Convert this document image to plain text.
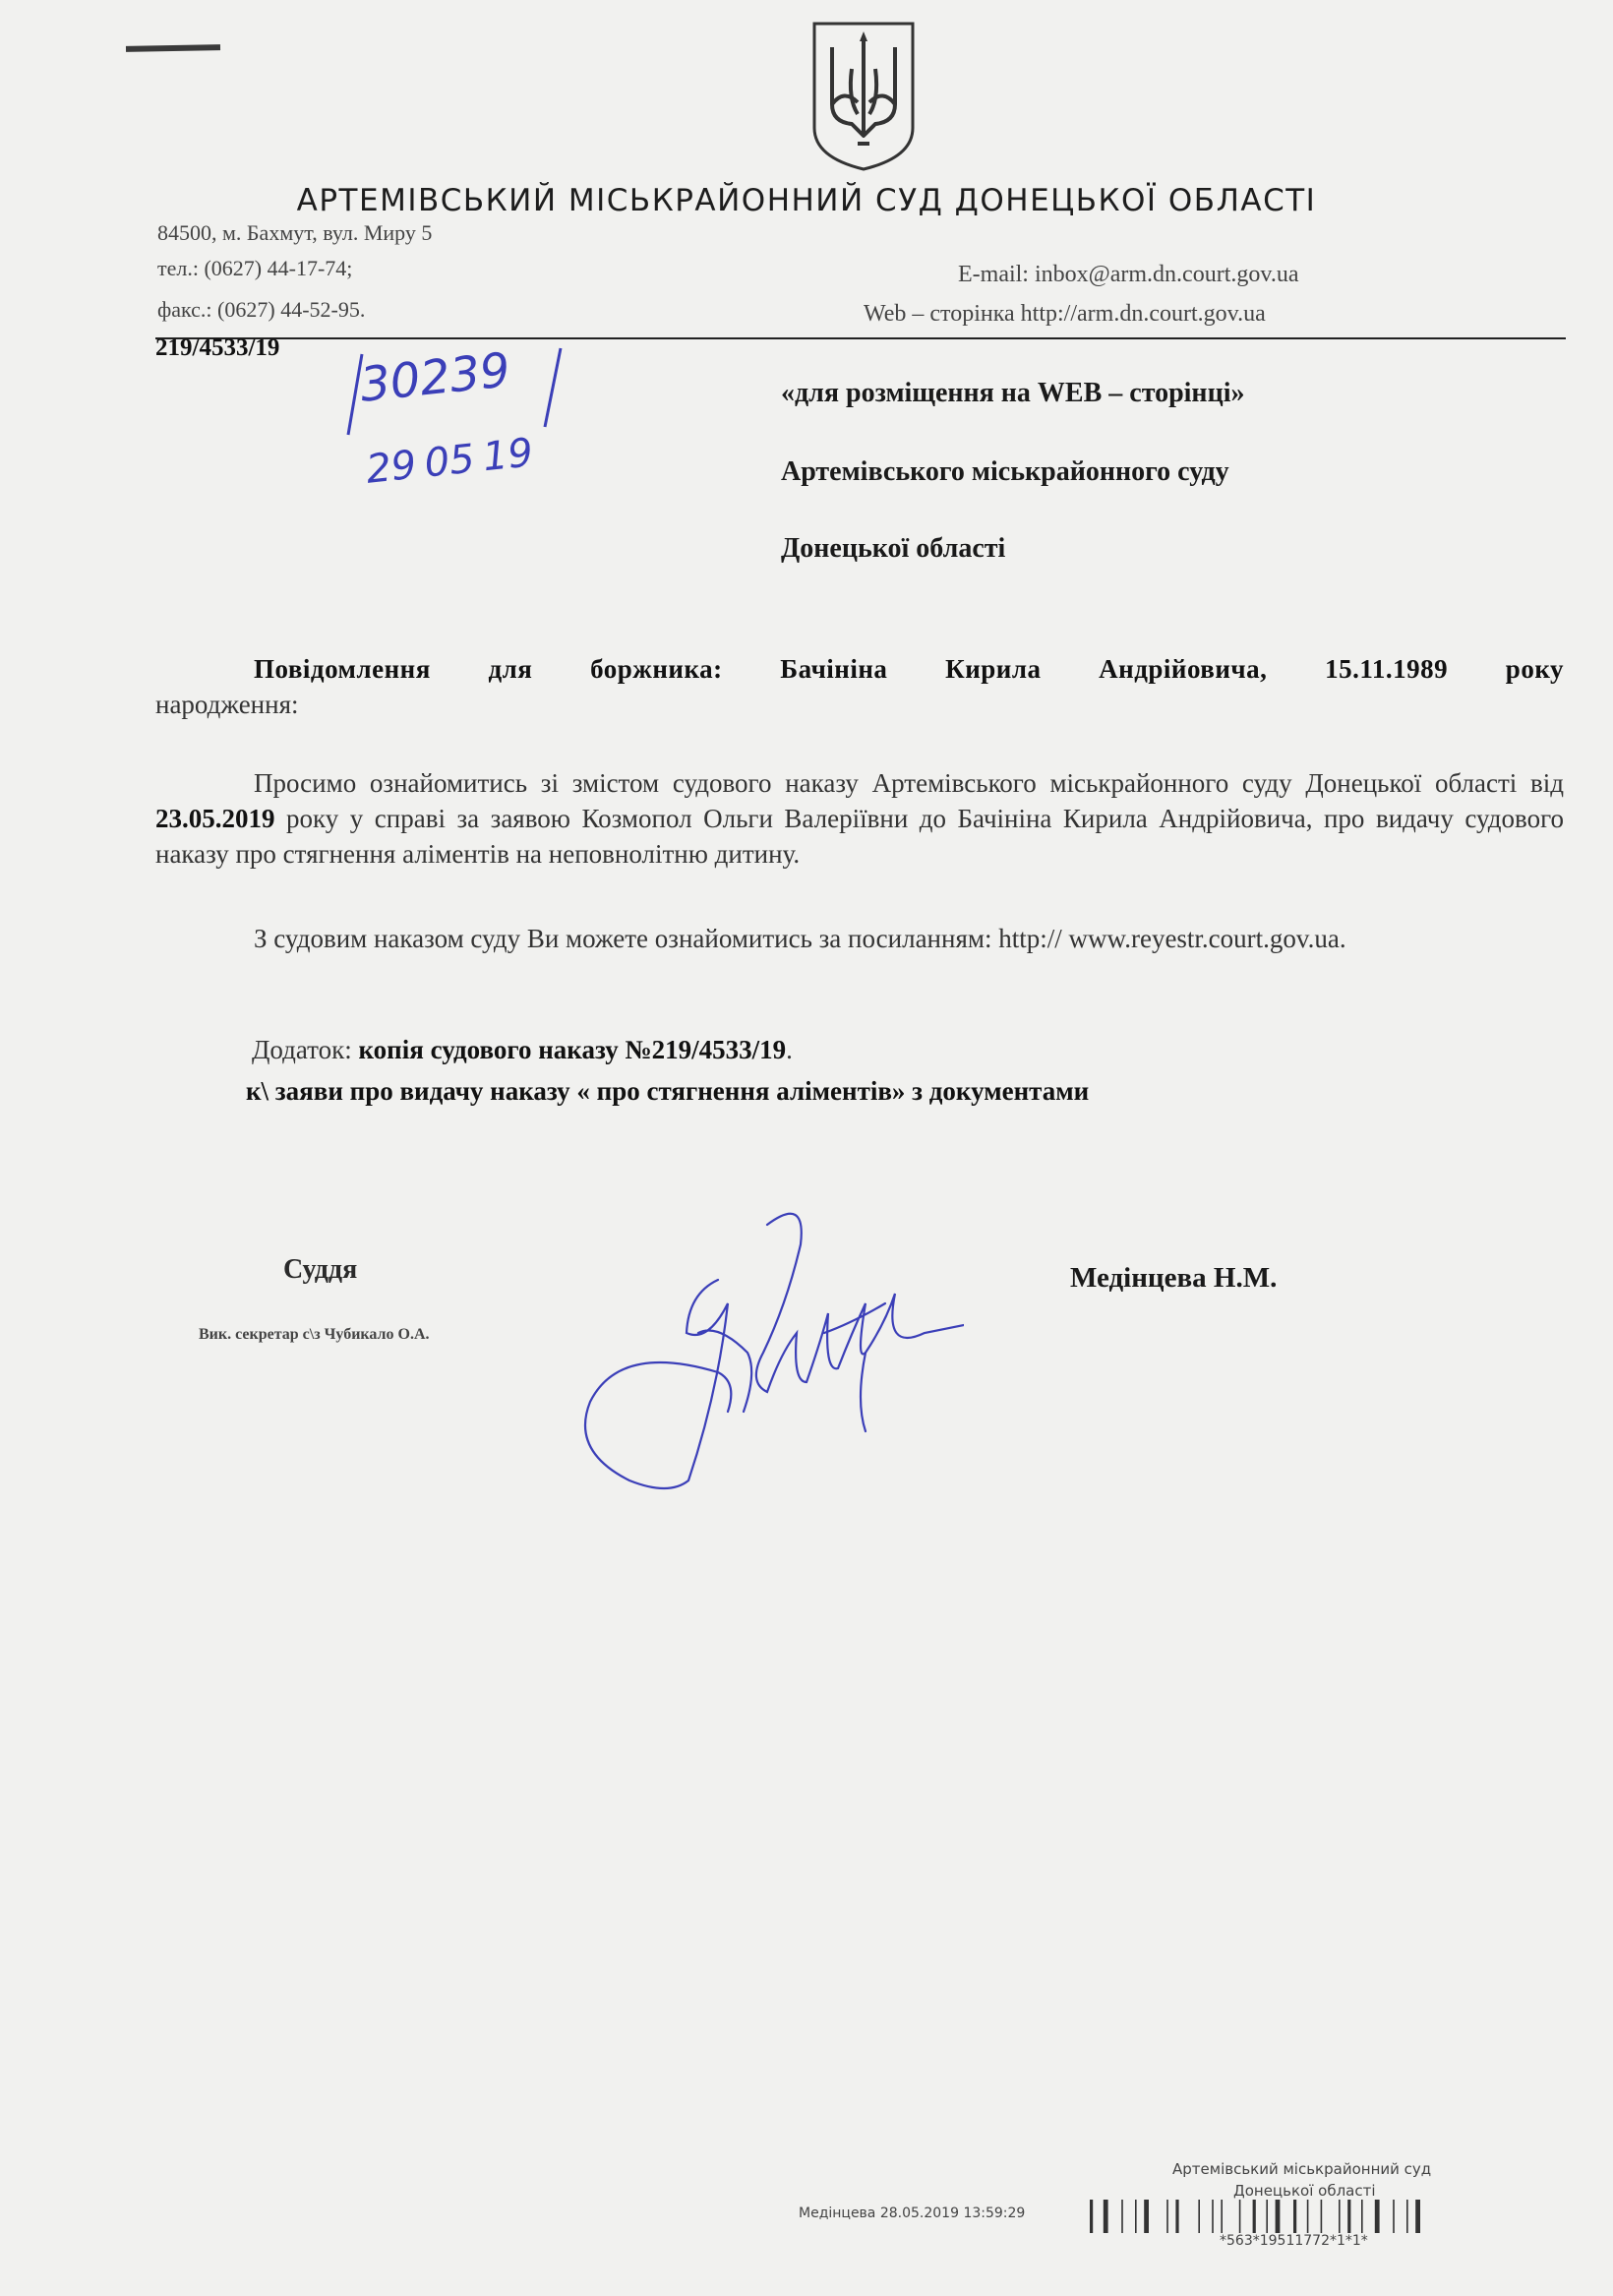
АРТЕМІВСЬКИЙ МІСЬКРАЙОННИЙ СУД ДОНЕЦЬКОЇ ОБЛАСТІ
84500, м. Бахмут, вул. Миру 5
тел.: (0627) 44-17-74;
факс.: (0627) 44-52-95.
E-mail: inbox@arm.dn.court.gov.ua
Web – сторінка http://arm.dn.court.gov.ua
219/4533/19 30239
29 05 19
«для розміщення на WEB – сторінці»
Артемівського міськрайонного суду
Донецької області
Повідомлення для боржника: Бачініна Кирила Андрійовича, 15.11.1989 року
народження:
Просимо ознайомитись зі змістом судового наказу Артемівського міськрайонного суду Донецької області від 23.05.2019 року у справі за заявою Козмопол Ольги Валеріївни до Бачініна Кирила Андрійовича, про видачу судового наказу про стягнення аліментів на неповнолітню дитину.
З судовим наказом суду Ви можете ознайомитись за посиланням: http:// www.reyestr.court.gov.ua.
Додаток: копія судового наказу №219/4533/19.
к\ заяви про видачу наказу « про стягнення аліментів» з документами
Суддя
Вик. секретар с\з Чубикало О.А.
Медінцева Н.М.
Артемівський міськрайонний суд
Донецької області
Медінцева 28.05.2019 13:59:29
*563*19511772*1*1*
